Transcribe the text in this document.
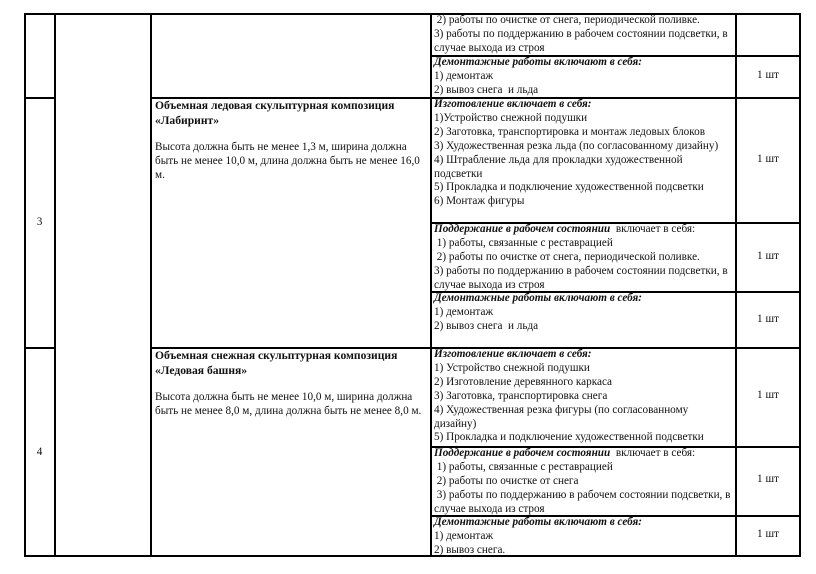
2) работы по очистке от снега, периодической поливке.
3) работы по поддержанию в рабочем состоянии подсветки, в случае выхода из строя
Демонтажные работы включают в себя:
1) демонтаж
2) вывоз снега  и льда
1 шт
3
Объемная ледовая скульптурная композиция «Лабиринт»
Высота должна быть не менее 1,3 м, ширина должна быть не менее 10,0 м, длина должна быть не менее 16,0 м.
Изготовление включает в себя:
1)Устройство снежной подушки
2) Заготовка, транспортировка и монтаж ледовых блоков
3) Художественная резка льда (по согласованному дизайну)
4) Штрабление льда для прокладки художественной подсветки
5) Прокладка и подключение художественной подсветки
6) Монтаж фигуры
1 шт
Поддержание в рабочем состоянии  включает в себя:
1) работы, связанные с реставрацией
2) работы по очистке от снега, периодической поливке.
3) работы по поддержанию в рабочем состоянии подсветки, в случае выхода из строя
1 шт
Демонтажные работы включают в себя:
1) демонтаж
2) вывоз снега  и льда
1 шт
4
Объемная снежная скульптурная композиция «Ледовая башня»
Высота должна быть не менее 10,0 м, ширина должна быть не менее 8,0 м, длина должна быть не менее 8,0 м.
Изготовление включает в себя:
1) Устройство снежной подушки
2) Изготовление деревянного каркаса
3) Заготовка, транспортировка снега
4) Художественная резка фигуры (по согласованному дизайну)
5) Прокладка и подключение художественной подсветки
1 шт
Поддержание в рабочем состоянии  включает в себя:
1) работы, связанные с реставрацией
2) работы по очистке от снега
3) работы по поддержанию в рабочем состоянии подсветки, в случае выхода из строя
1 шт
Демонтажные работы включают в себя:
1) демонтаж
2) вывоз снега.
1 шт
